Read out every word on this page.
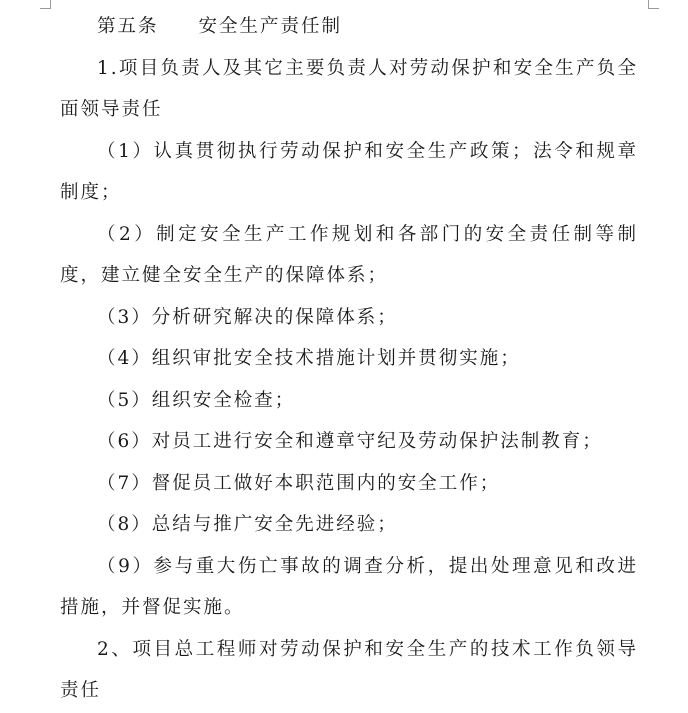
第五条 安全生产责任制

1.项目负责人及其它主要负责人对劳动保护和安全生产负全面领导责任

（1）认真贯彻执行劳动保护和安全生产政策；法令和规章制度；

（2）制定安全生产工作规划和各部门的安全责任制等制度，建立健全安全生产的保障体系；

（3）分析研究解决的保障体系；

（4）组织审批安全技术措施计划并贯彻实施；

（5）组织安全检查；

（6）对员工进行安全和遵章守纪及劳动保护法制教育；

（7）督促员工做好本职范围内的安全工作；

（8）总结与推广安全先进经验；

（9）参与重大伤亡事故的调查分析，提出处理意见和改进措施，并督促实施。

2、项目总工程师对劳动保护和安全生产的技术工作负领导责任
